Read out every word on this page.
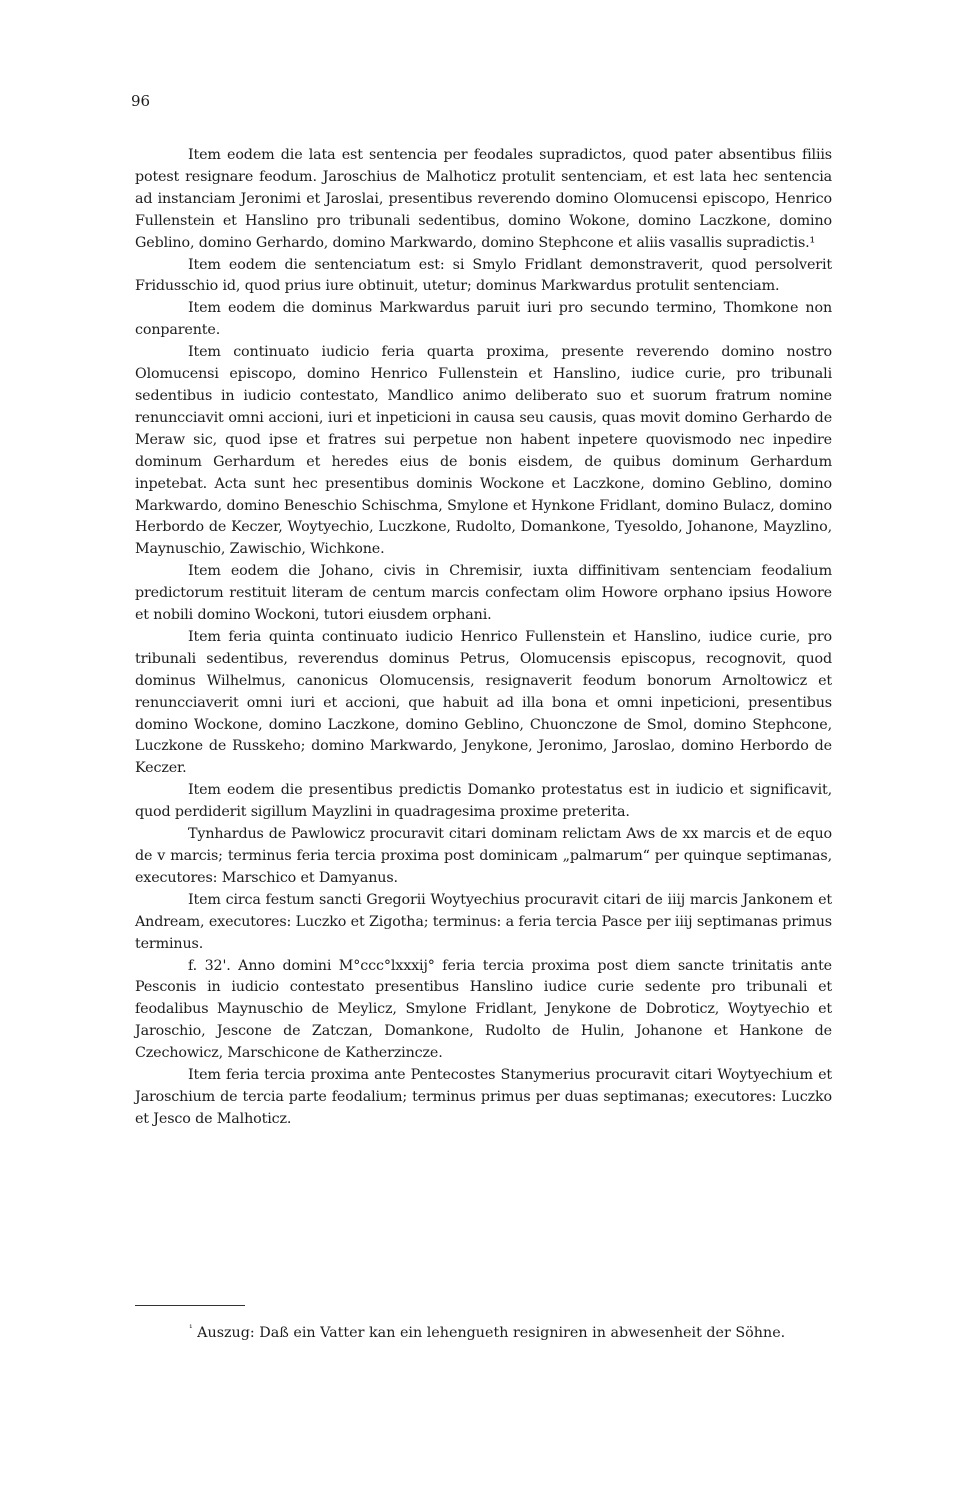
96

Item eodem die lata est sentencia per feodales supradictos, quod pater absentibus filiis potest resignare feodum. Jaroschius de Malhoticz protulit sentenciam, et est lata hec sentencia ad instanciam Jeronimi et Jaroslai, presentibus reverendo domino Olomucensi episcopo, Henrico Fullenstein et Hanslino pro tribunali sedentibus, domino Wokone, domino Laczkone, domino Geblino, domino Gerhardo, domino Markwardo, domino Stephcone et aliis vasallis supradictis.¹

Item eodem die sentenciatum est: si Smylo Fridlant demonstraverit, quod persolverit Fridusschio id, quod prius iure obtinuit, utetur; dominus Markwardus protulit sentenciam.

Item eodem die dominus Markwardus paruit iuri pro secundo termino, Thomkone non conparente.

Item continuato iudicio feria quarta proxima, presente reverendo domino nostro Olomucensi episcopo, domino Henrico Fullenstein et Hanslino, iudice curie, pro tribunali sedentibus in iudicio contestato, Mandlico animo deliberato suo et suorum fratrum nomine renuncciavit omni accioni, iuri et inpeticioni in causa seu causis, quas movit domino Gerhardo de Meraw sic, quod ipse et fratres sui perpetue non habent inpetere quovismodo nec inpedire dominum Gerhardum et heredes eius de bonis eisdem, de quibus dominum Gerhardum inpetebat. Acta sunt hec presentibus dominis Wockone et Laczkone, domino Geblino, domino Markwardo, domino Beneschio Schischma, Smylone et Hynkone Fridlant, domino Bulacz, domino Herbordo de Keczer, Woytyechio, Luczkone, Rudolto, Domankone, Tyesoldo, Johanone, Mayzlino, Maynuschio, Zawischio, Wichkone.

Item eodem die Johano, civis in Chremisir, iuxta diffinitivam sentenciam feodalium predictorum restituit literam de centum marcis confectam olim Howore orphano ipsius Howore et nobili domino Wockoni, tutori eiusdem orphani.

Item feria quinta continuato iudicio Henrico Fullenstein et Hanslino, iudice curie, pro tribunali sedentibus, reverendus dominus Petrus, Olomucensis episcopus, recognovit, quod dominus Wilhelmus, canonicus Olomucensis, resignaverit feodum bonorum Arnoltowicz et renuncciaverit omni iuri et accioni, que habuit ad illa bona et omni inpeticioni, presentibus domino Wockone, domino Laczkone, domino Geblino, Chuonczone de Smol, domino Stephcone, Luczkone de Russkeho; domino Markwardo, Jenykone, Jeronimo, Jaroslao, domino Herbordo de Keczer.

Item eodem die presentibus predictis Domanko protestatus est in iudicio et significavit, quod perdiderit sigillum Mayzlini in quadragesima proxime preterita.

Tynhardus de Pawlowicz procuravit citari dominam relictam Aws de xx marcis et de equo de v marcis; terminus feria tercia proxima post dominicam „palmarum“ per quinque septimanas, executores: Marschico et Damyanus.

Item circa festum sancti Gregorii Woytyechius procuravit citari de iiij marcis Jankonem et Andream, executores: Luczko et Zigotha; terminus: a feria tercia Pasce per iiij septimanas primus terminus.

f. 32'. Anno domini M°ccc°lxxxij° feria tercia proxima post diem sancte trinitatis ante Pesconis in iudicio contestato presentibus Hanslino iudice curie sedente pro tribunali et feodalibus Maynuschio de Meylicz, Smylone Fridlant, Jenykone de Dobroticz, Woytyechio et Jaroschio, Jescone de Zatczan, Domankone, Rudolto de Hulin, Johanone et Hankone de Czechowicz, Marschicone de Katherzincze.

Item feria tercia proxima ante Pentecostes Stanymerius procuravit citari Woytyechium et Jaroschium de tercia parte feodalium; terminus primus per duas septimanas; executores: Luczko et Jesco de Malhoticz.

$^{^1}$ Auszug: Daß ein Vatter kan ein lehengueth resigniren in abwesenheit der Söhne.
